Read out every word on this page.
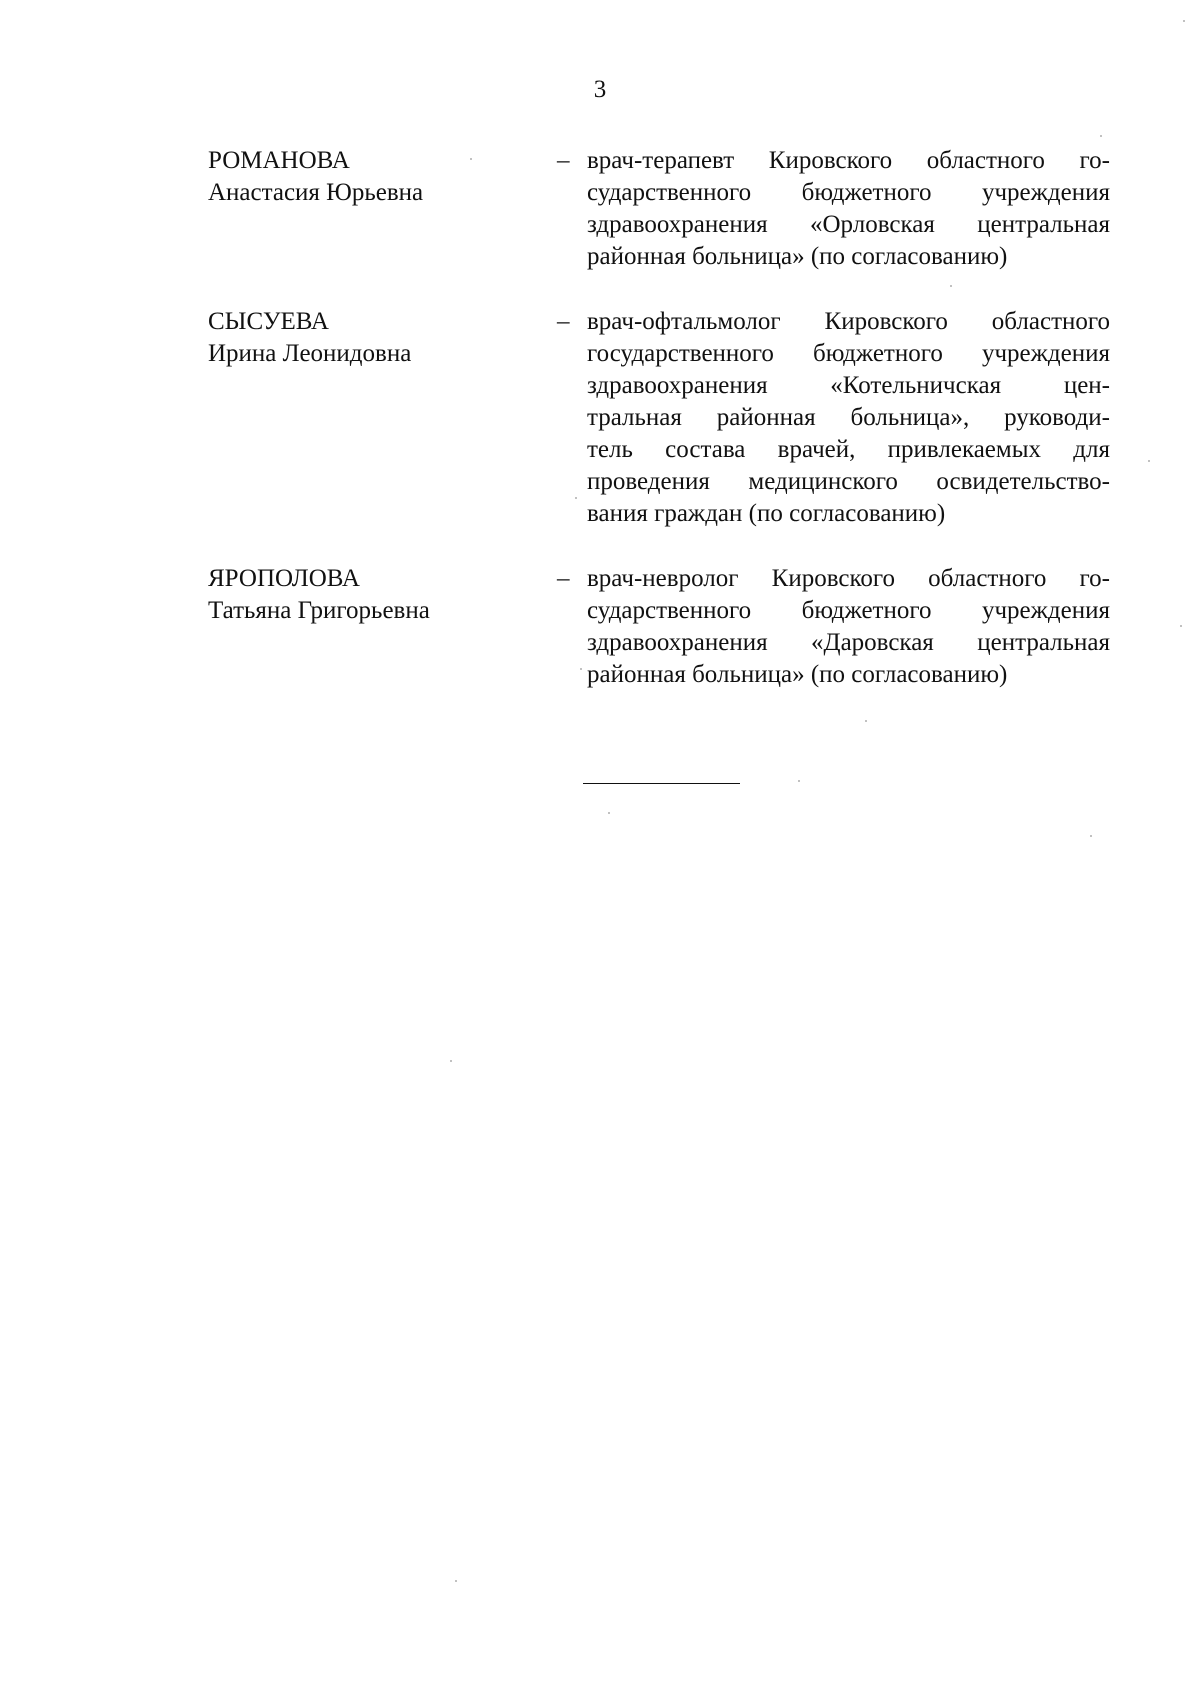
3
РОМАНОВА
Анастасия Юрьевна
– врач-терапевт Кировского областного го-
сударственного бюджетного учреждения
здравоохранения «Орловская центральная
районная больница» (по согласованию)
СЫСУЕВА
Ирина Леонидовна
– врач-офтальмолог Кировского областного
государственного бюджетного учреждения
здравоохранения «Котельничская цен-
тральная районная больница», руководи-
тель состава врачей, привлекаемых для
проведения медицинского освидетельство-
вания граждан (по согласованию)
ЯРОПОЛОВА
Татьяна Григорьевна
– врач-невролог Кировского областного го-
сударственного бюджетного учреждения
здравоохранения «Даровская центральная
районная больница» (по согласованию)
